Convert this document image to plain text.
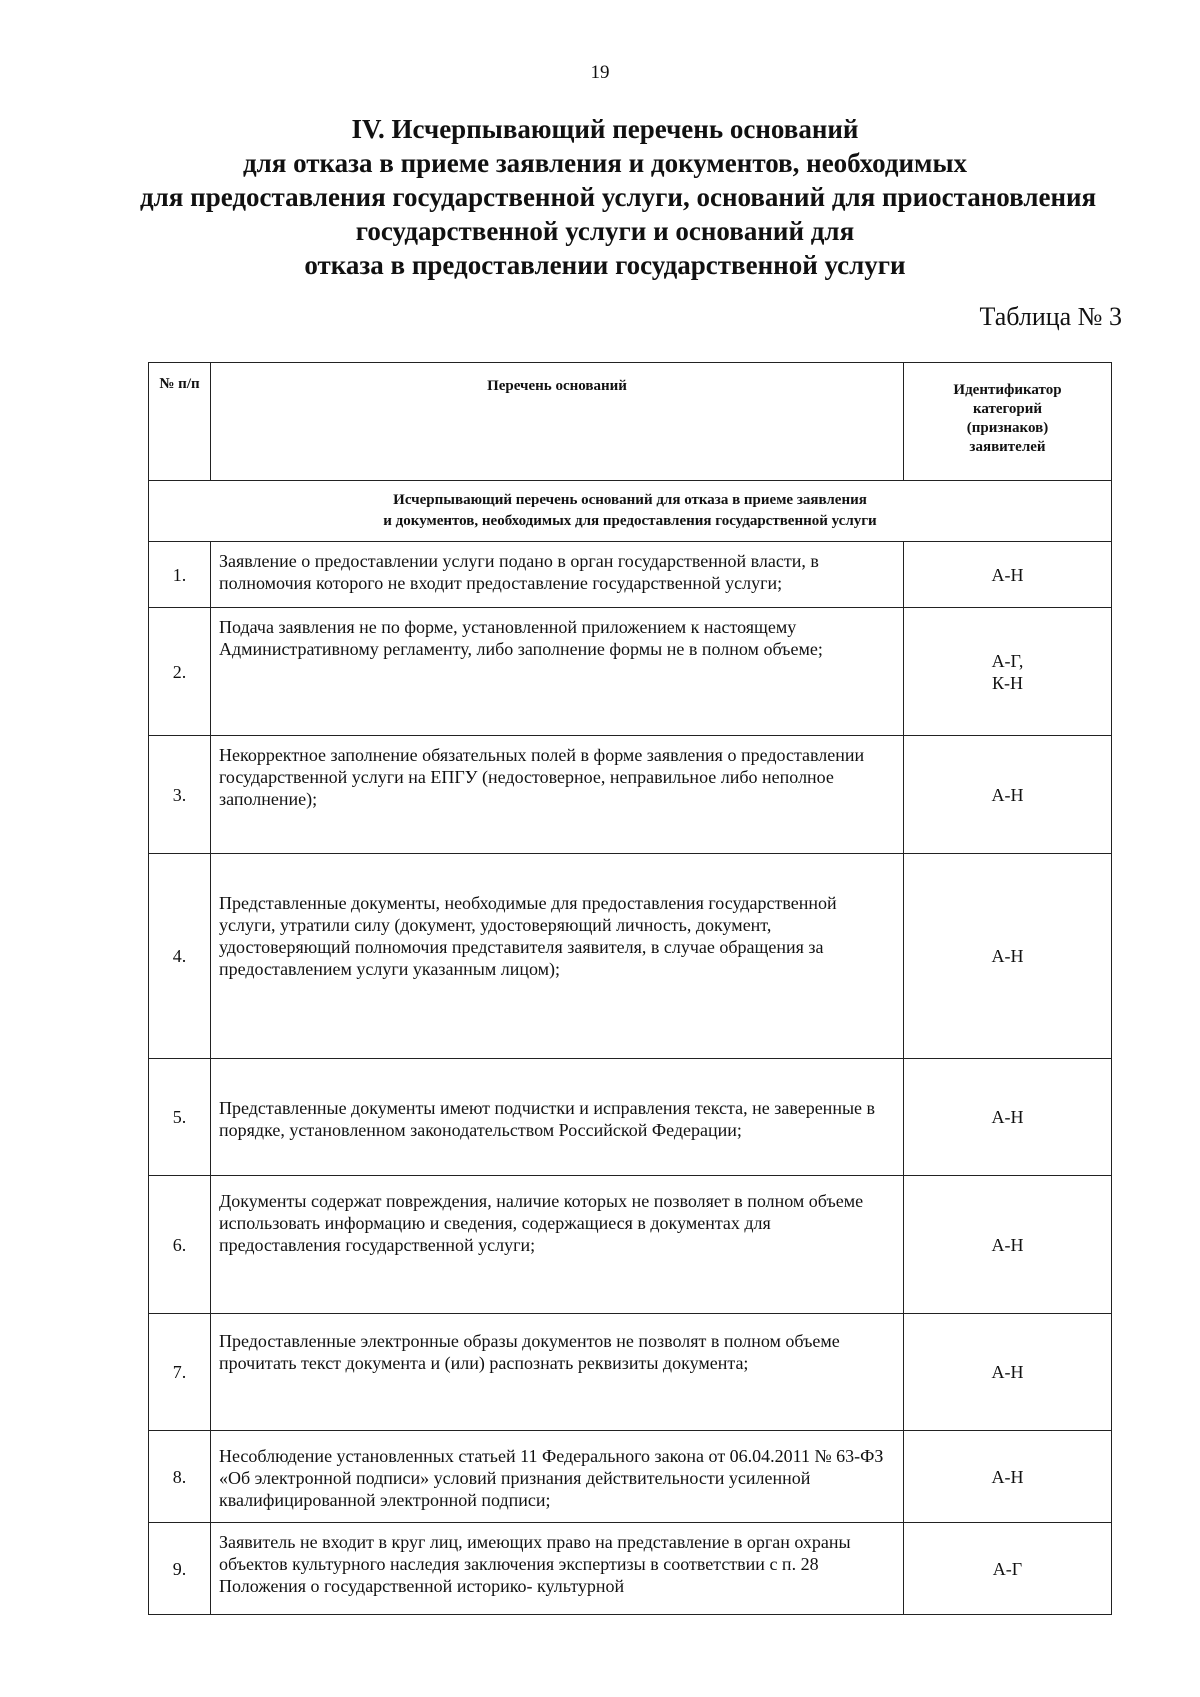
19
IV. Исчерпывающий перечень оснований
для отказа в приеме заявления и документов, необходимых
для предоставления государственной услуги, оснований для приостановления
государственной услуги и оснований для
отказа в предоставлении государственной услуги
Таблица № 3
№ п/п	Перечень оснований	Идентификатор
категорий
(признаков)
заявителей

Исчерпывающий перечень оснований для отказа в приеме заявления
и документов, необходимых для предоставления государственной услуги		

1.	Заявление о предоставлении услуги подано в орган государственной власти, в полномочия которого не входит предоставление государственной услуги;	А-Н

2.	Подача заявления не по форме, установленной приложением к настоящему Административному регламенту, либо заполнение формы не в полном объеме;	А-Г,
К-Н

3.	Некорректное заполнение обязательных полей в форме заявления о предоставлении государственной услуги на ЕПГУ (недостоверное, неправильное либо неполное заполнение);	А-Н

4.	Представленные документы, необходимые для предоставления государственной услуги, утратили силу (документ, удостоверяющий личность, документ, удостоверяющий полномочия представителя заявителя, в случае обращения за предоставлением услуги указанным лицом);	А-Н

5.	Представленные документы имеют подчистки и исправления текста, не заверенные в порядке, установленном законодательством Российской Федерации;	А-Н

6.	Документы содержат повреждения, наличие которых не позволяет в полном объеме использовать информацию и сведения, содержащиеся в документах для предоставления государственной услуги;	А-Н

7.	Предоставленные электронные образы документов не позволят в полном объеме прочитать текст документа и (или) распознать реквизиты документа;	А-Н

8.	Несоблюдение установленных статьей 11 Федерального закона от 06.04.2011 № 63-ФЗ «Об электронной подписи» условий признания действительности усиленной квалифицированной электронной подписи;	А-Н

9.	Заявитель не входит в круг лиц, имеющих право на представление в орган охраны объектов культурного наследия заключения экспертизы в соответствии с п. 28 Положения о государственной историко- культурной	А-Г
